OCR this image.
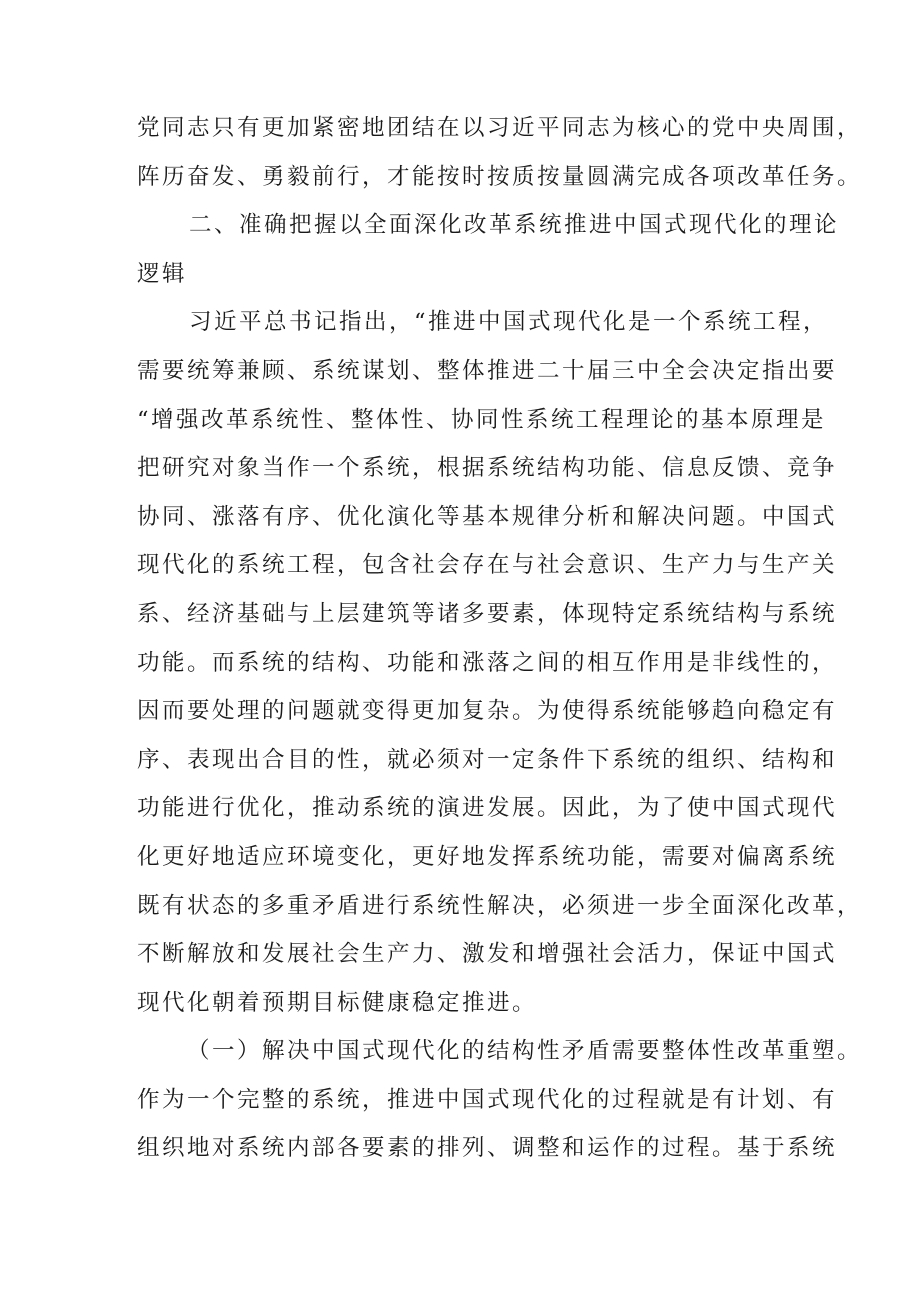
党同志只有更加紧密地团结在以习近平同志为核心的党中央周围，
阵历奋发、勇毅前行，才能按时按质按量圆满完成各项改革任务。
二、准确把握以全面深化改革系统推进中国式现代化的理论
逻辑
习近平总书记指出，“推进中国式现代化是一个系统工程，
需要统筹兼顾、系统谋划、整体推进二十届三中全会决定指出要
“增强改革系统性、整体性、协同性系统工程理论的基本原理是
把研究对象当作一个系统，根据系统结构功能、信息反馈、竞争
协同、涨落有序、优化演化等基本规律分析和解决问题。中国式
现代化的系统工程，包含社会存在与社会意识、生产力与生产关
系、经济基础与上层建筑等诸多要素，体现特定系统结构与系统
功能。而系统的结构、功能和涨落之间的相互作用是非线性的，
因而要处理的问题就变得更加复杂。为使得系统能够趋向稳定有
序、表现出合目的性，就必须对一定条件下系统的组织、结构和
功能进行优化，推动系统的演进发展。因此，为了使中国式现代
化更好地适应环境变化，更好地发挥系统功能，需要对偏离系统
既有状态的多重矛盾进行系统性解决，必须进一步全面深化改革，
不断解放和发展社会生产力、激发和增强社会活力，保证中国式
现代化朝着预期目标健康稳定推进。
（一）解决中国式现代化的结构性矛盾需要整体性改革重塑。
作为一个完整的系统，推进中国式现代化的过程就是有计划、有
组织地对系统内部各要素的排列、调整和运作的过程。基于系统
